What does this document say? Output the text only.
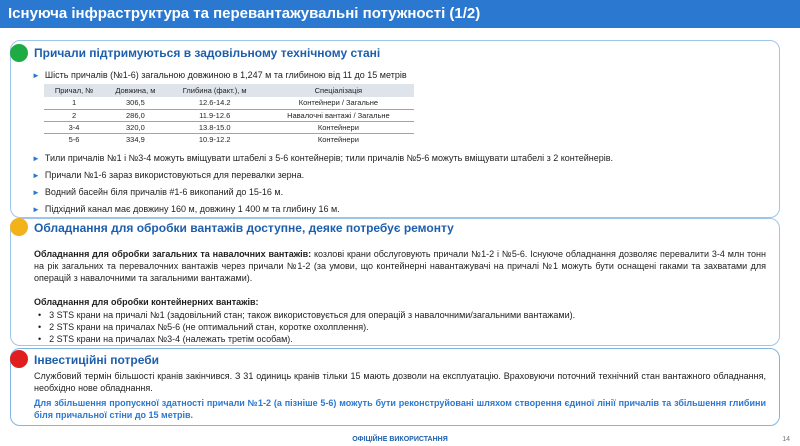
Існуюча інфраструктура та перевантажувальні потужності (1/2)
Причали підтримуються в задовільному технічному стані
► Шість причалів (№1-6) загальною довжиною в 1,247 м та глибиною від 11 до 15 метрів
Причал, №	Довжина, м	Глибина (факт.), м	Спеціалізація
1	306,5	12.6-14.2	Контейнери / Загальне
2	286,0	11.9-12.6	Навалочні вантажі / Загальне
3-4	320,0	13.8-15.0	Контейнери
5-6	334,9	10.9-12.2	Контейнери
► Тили причалів №1 і №3-4 можуть вміщувати штабелі з 5-6 контейнерів; тили причалів №5-6 можуть вміщувати штабелі з 2 контейнерів.
► Причали №1-6 зараз використовуються для перевалки зерна.
► Водний басейн біля причалів #1-6 викопаний до 15-16 м.
► Підхідний канал має довжину 160 м, довжину 1 400 м та глибину 16 м.
Обладнання для обробки вантажів доступне, деяке потребує ремонту
Обладнання для обробки загальних та навалочних вантажів: козлові крани обслуговують причали №1-2 і №5-6. Існуюче обладнання дозволяє перевалити 3-4 млн тонн на рік загальних та перевалочних вантажів через причали №1-2 (за умови, що контейнерні навантажувачі на причалі №1 можуть бути оснащені гаками та захватами для операцій з навалочними та загальними вантажами).
Обладнання для обробки контейнерних вантажів:
• 3 STS крани на причалі №1 (задовільний стан; також використовується для операцій з навалочними/загальними вантажами).
• 2 STS крани на причалах №5-6 (не оптимальний стан, коротке охолплення).
• 2 STS крани на причалах №3-4 (належать третім особам).
Інвестиційні потреби
Службовий термін більшості кранів закінчився. З 31 одиниць кранів тільки 15 мають дозволи на експлуатацію. Враховуючи поточний технічний стан вантажного обладнання, необхідно нове обладнання.
Для збільшення пропускної здатності причали №1-2 (а пізніше 5-6) можуть бути реконструйовані шляхом створення єдиної лінії причалів та збільшення глибини біля причальної стіни до 15 метрів.
ОФІЦІЙНЕ ВИКОРИСТАННЯ	14
